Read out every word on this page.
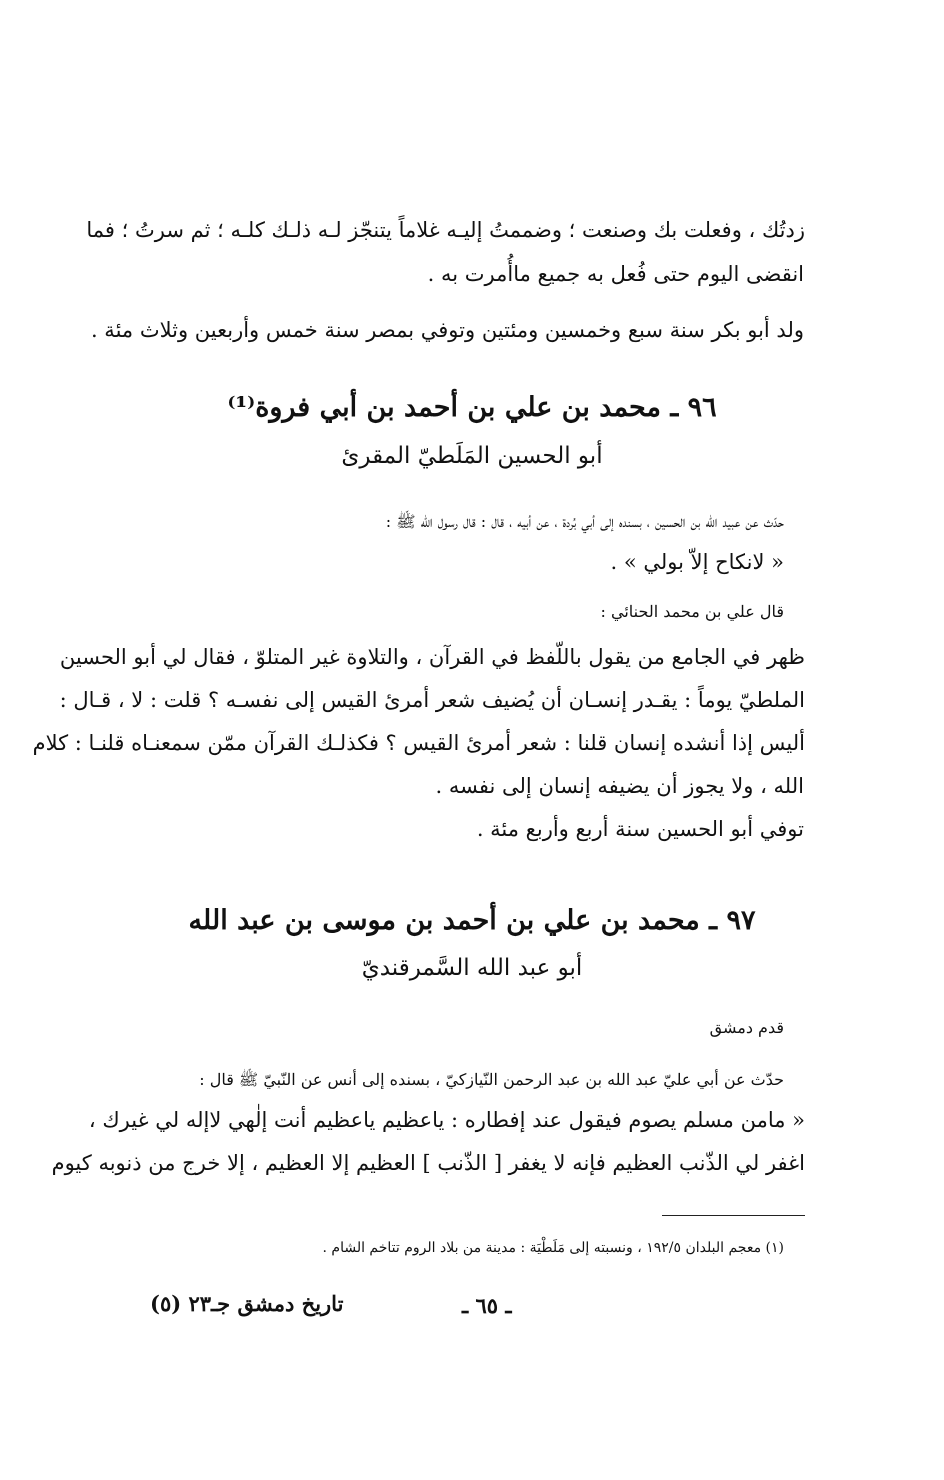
زدتُك ، وفعلت بك وصنعت ؛ وضممتُ إليـه غلاماً يتنجّز لـه ذلـك كلـه ؛ ثم سرتُ ؛ فما
انقضى اليوم حتى فُعل به جميع ماأُمرت به .
ولد أبو بكر سنة سبع وخمسين ومئتين وتوفي بمصر سنة خمس وأربعين وثلاث مئة .
٩٦ ـ محمد بن علي بن أحمد بن أبي فروة⁽¹⁾
أبو الحسين المَلَطيّ المقرئ
حدّث عن عبيد الله بن الحسين ، بسنده إلى أبي بُردة ، عن أبيه ، قال : قال رسول الله ﷺ :
« لانكاح إلاّ بولي » .
قال علي بن محمد الحنائي :
ظهر في الجامع من يقول باللّفظ في القرآن ، والتلاوة غير المتلوّ ، فقال لي أبو الحسين
الملطيّ يوماً : يقـدر إنسـان أن يُضيف شعر أمرئ القيس إلى نفسـه ؟ قلت : لا ، قـال :
أليس إذا أنشده إنسان قلنا : شعر أمرئ القيس ؟ فكذلـك القرآن ممّن سمعنـاه قلنـا : كلام
الله ، ولا يجوز أن يضيفه إنسان إلى نفسه .
توفي أبو الحسين سنة أربع وأربع مئة .
٩٧ ـ محمد بن علي بن أحمد بن موسى بن عبد الله
أبو عبد الله السَّمرقنديّ
قدم دمشق
حدّث عن أبي عليّ عبد الله بن عبد الرحمن النّيازكيّ ، بسنده إلى أنس عن النّبيّ ﷺ قال :
« مامن مسلم يصوم فيقول عند إفطاره : ياعظيم ياعظيم أنت إلٰهي لاإله لي غيرك ،
اغفر لي الذّنب العظيم فإنه لا يغفر [ الذّنب ] العظيم إلا العظيم ، إلا خرج من ذنوبه كيوم
(١) معجم البلدان ١٩٢/٥ ، ونسبته إلى مَلَطْيَة : مدينة من بلاد الروم تتاخم الشام .
ـ ٦٥ ـ
تاريخ دمشق جـ٢٣ (٥)
